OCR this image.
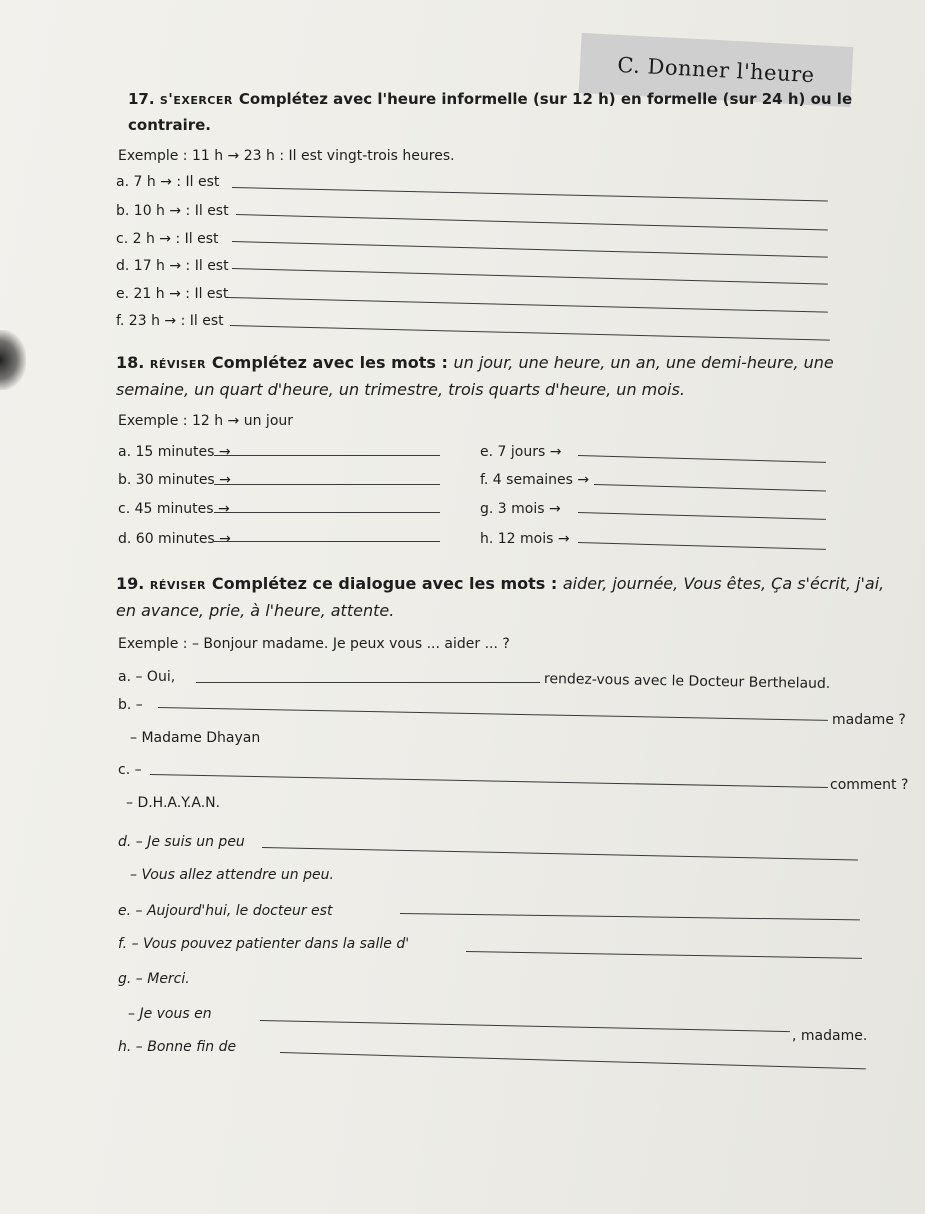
C. Donner l'heure
17. s'exercer Complétez avec l'heure informelle (sur 12 h) en formelle (sur 24 h) ou le
contraire.
Exemple : 11 h → 23 h : Il est vingt-trois heures.
a. 7 h → : Il est
b. 10 h → : Il est
c. 2 h → : Il est
d. 17 h → : Il est
e. 21 h → : Il est
f. 23 h → : Il est
18. réviser Complétez avec les mots : un jour, une heure, un an, une demi-heure, une
semaine, un quart d'heure, un trimestre, trois quarts d'heure, un mois.
Exemple : 12 h → un jour
a. 15 minutes →
b. 30 minutes →
c. 45 minutes →
d. 60 minutes →
e. 7 jours →
f. 4 semaines →
g. 3 mois →
h. 12 mois →
19. réviser Complétez ce dialogue avec les mots : aider, journée, Vous êtes, Ça s'écrit, j'ai,
en avance, prie, à l'heure, attente.
Exemple : – Bonjour madame. Je peux vous ... aider ... ?
a. – Oui,	rendez-vous avec le Docteur Berthelaud.
b. –
madame ?
– Madame Dhayan
c. –
comment ?
– D.H.A.Y.A.N.
d. – Je suis un peu
– Vous allez attendre un peu.
e. – Aujourd'hui, le docteur est
f. – Vous pouvez patienter dans la salle d'
g. – Merci.
– Je vous en
, madame.
h. – Bonne fin de
